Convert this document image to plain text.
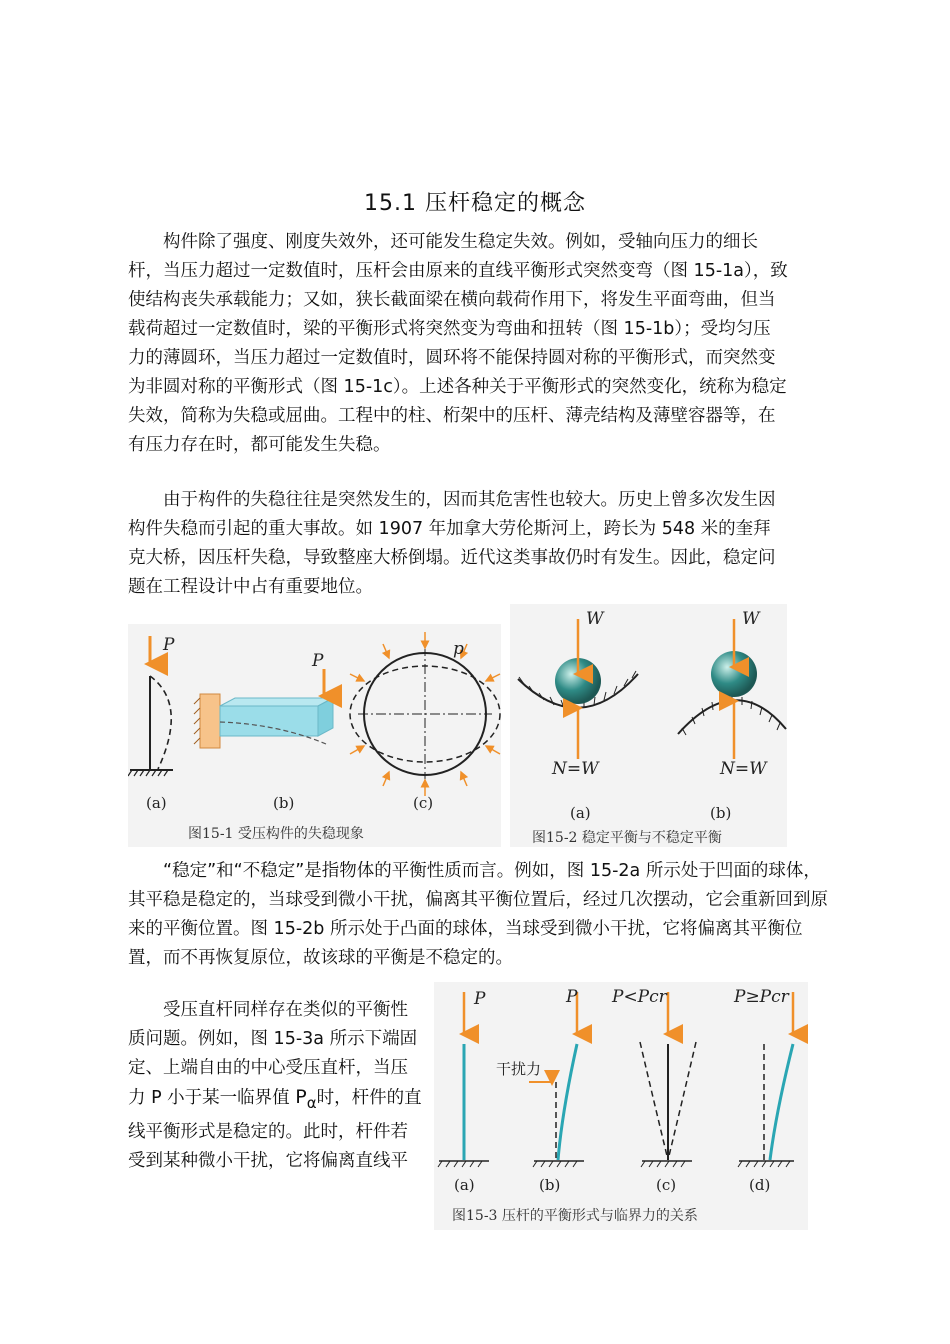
15.1 压杆稳定的概念

  构件除了强度、刚度失效外，还可能发生稳定失效。例如，受轴向压力的细长杆，当压力超过一定数值时，压杆会由原来的直线平衡形式突然变弯（图 15-1a），致使结构丧失承载能力；又如，狭长截面梁在横向载荷作用下，将发生平面弯曲，但当载荷超过一定数值时，梁的平衡形式将突然变为弯曲和扭转（图 15-1b）；受均匀压力的薄圆环，当压力超过一定数值时，圆环将不能保持圆对称的平衡形式，而突然变为非圆对称的平衡形式（图 15-1c）。上述各种关于平衡形式的突然变化，统称为稳定失效，简称为失稳或屈曲。工程中的柱、桁架中的压杆、薄壳结构及薄壁容器等，在有压力存在时，都可能发生失稳。

  由于构件的失稳往往是突然发生的，因而其危害性也较大。历史上曾多次发生因构件失稳而引起的重大事故。如 1907 年加拿大劳伦斯河上，跨长为 548 米的奎拜克大桥，因压杆失稳，导致整座大桥倒塌。近代这类事故仍时有发生。因此，稳定问题在工程设计中占有重要地位。

  “稳定”和“不稳定”是指物体的平衡性质而言。例如，图 15-2a 所示处于凹面的球体，其平稳是稳定的，当球受到微小干扰，偏离其平衡位置后，经过几次摆动，它会重新回到原来的平衡位置。图 15-2b 所示处于凸面的球体，当球受到微小干扰，它将偏离其平衡位置，而不再恢复原位，故该球的平衡是不稳定的。

  受压直杆同样存在类似的平衡性质问题。例如，图 15-3a 所示下端固定、上端自由的中心受压直杆，当压力 P 小于某一临界值 $P_\alpha$时，杆件的直线平衡形式是稳定的。此时，杆件若受到某种微小干扰，它将偏离直线平

P
P
p
(a)	(b)	(c)
图15-1 受压构件的失稳现象
W
N=W
(a)
W
N=W
(b)
图15-2 稳定平衡与不稳定平衡
P
干扰力
P P<Pcr	P≥Pcr
(a)	(b)	(c)	(d)
图15-3 压杆的平衡形式与临界力的关系
